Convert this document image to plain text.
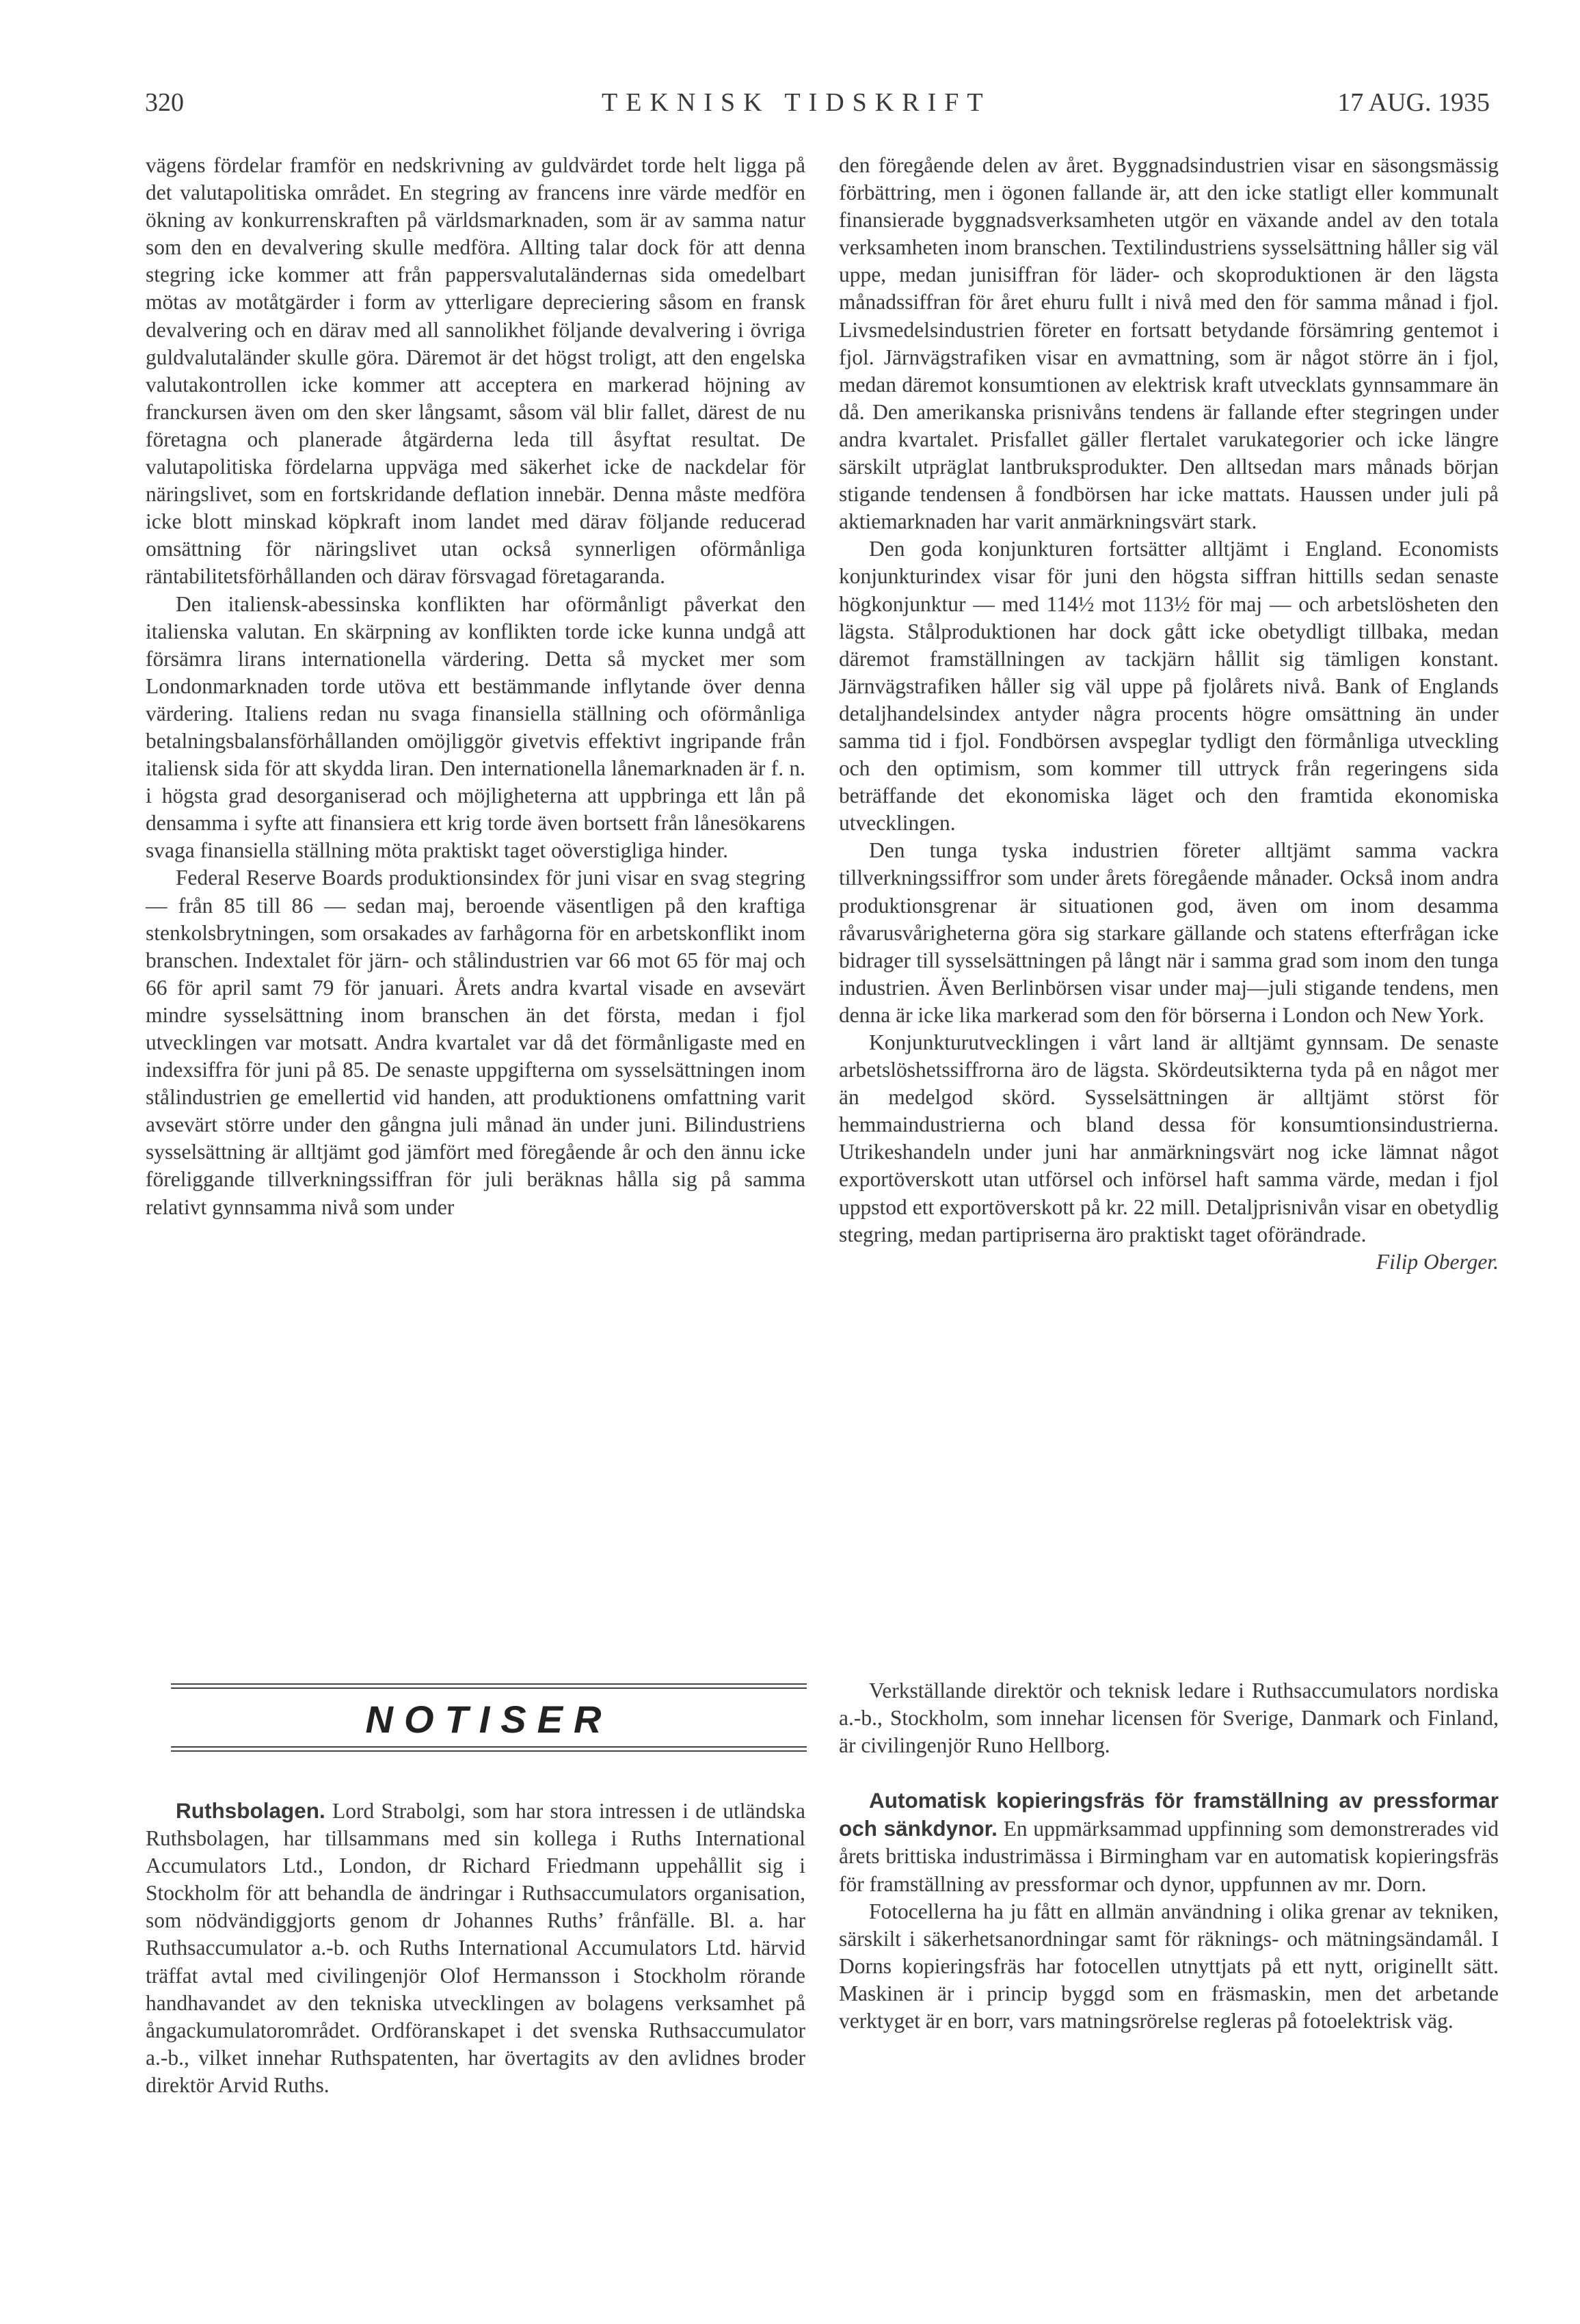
320	TEKNISK TIDSKRIFT	17 AUG. 1935

vägens fördelar framför en nedskrivning av guldvärdet torde helt ligga på det valutapolitiska området. En stegring av francens inre värde medför en ökning av konkurrenskraften på världsmarknaden, som är av samma natur som den en devalvering skulle medföra. Allting talar dock för att denna stegring icke kommer att från pappersvalutaländernas sida omedelbart mötas av motåtgärder i form av ytterligare depreciering såsom en fransk devalvering och en därav med all sannolikhet följande devalvering i övriga guldvalutaländer skulle göra. Däremot är det högst troligt, att den engelska valutakontrollen icke kommer att acceptera en markerad höjning av franckursen även om den sker långsamt, såsom väl blir fallet, därest de nu företagna och planerade åtgärderna leda till åsyftat resultat. De valutapolitiska fördelarna uppväga med säkerhet icke de nackdelar för näringslivet, som en fortskridande deflation innebär. Denna måste medföra icke blott minskad köpkraft inom landet med därav följande reducerad omsättning för näringslivet utan också synnerligen oförmånliga räntabilitetsförhållanden och därav försvagad företagaranda.

Den italiensk-abessinska konflikten har oförmånligt påverkat den italienska valutan. En skärpning av konflikten torde icke kunna undgå att försämra lirans internationella värdering. Detta så mycket mer som Londonmarknaden torde utöva ett bestämmande inflytande över denna värdering. Italiens redan nu svaga finansiella ställning och oförmånliga betalningsbalansförhållanden omöjliggör givetvis effektivt ingripande från italiensk sida för att skydda liran. Den internationella lånemarknaden är f. n. i högsta grad desorganiserad och möjligheterna att uppbringa ett lån på densamma i syfte att finansiera ett krig torde även bortsett från lånesökarens svaga finansiella ställning möta praktiskt taget oöverstigliga hinder.

Federal Reserve Boards produktionsindex för juni visar en svag stegring — från 85 till 86 — sedan maj, beroende väsentligen på den kraftiga stenkolsbrytningen, som orsakades av farhågorna för en arbetskonflikt inom branschen. Indextalet för järn- och stålindustrien var 66 mot 65 för maj och 66 för april samt 79 för januari. Årets andra kvartal visade en avsevärt mindre sysselsättning inom branschen än det första, medan i fjol utvecklingen var motsatt. Andra kvartalet var då det förmånligaste med en indexsiffra för juni på 85. De senaste uppgifterna om sysselsättningen inom stålindustrien ge emellertid vid handen, att produktionens omfattning varit avsevärt större under den gångna juli månad än under juni. Bilindustriens sysselsättning är alltjämt god jämfört med föregående år och den ännu icke föreliggande tillverkningssiffran för juli beräknas hålla sig på samma relativt gynnsamma nivå som under

den föregående delen av året. Byggnadsindustrien visar en säsongsmässig förbättring, men i ögonen fallande är, att den icke statligt eller kommunalt finansierade byggnadsverksamheten utgör en växande andel av den totala verksamheten inom branschen. Textilindustriens sysselsättning håller sig väl uppe, medan junisiffran för läder- och skoproduktionen är den lägsta månadssiffran för året ehuru fullt i nivå med den för samma månad i fjol. Livsmedelsindustrien företer en fortsatt betydande försämring gentemot i fjol. Järnvägstrafiken visar en avmattning, som är något större än i fjol, medan däremot konsumtionen av elektrisk kraft utvecklats gynnsammare än då. Den amerikanska prisnivåns tendens är fallande efter stegringen under andra kvartalet. Prisfallet gäller flertalet varukategorier och icke längre särskilt utpräglat lantbruksprodukter. Den alltsedan mars månads början stigande tendensen å fondbörsen har icke mattats. Haussen under juli på aktiemarknaden har varit anmärkningsvärt stark.

Den goda konjunkturen fortsätter alltjämt i England. Economists konjunkturindex visar för juni den högsta siffran hittills sedan senaste högkonjunktur — med 114½ mot 113½ för maj — och arbetslösheten den lägsta. Stålproduktionen har dock gått icke obetydligt tillbaka, medan däremot framställningen av tackjärn hållit sig tämligen konstant. Järnvägstrafiken håller sig väl uppe på fjolårets nivå. Bank of Englands detaljhandelsindex antyder några procents högre omsättning än under samma tid i fjol. Fondbörsen avspeglar tydligt den förmånliga utveckling och den optimism, som kommer till uttryck från regeringens sida beträffande det ekonomiska läget och den framtida ekonomiska utvecklingen.

Den tunga tyska industrien företer alltjämt samma vackra tillverkningssiffror som under årets föregående månader. Också inom andra produktionsgrenar är situationen god, även om inom desamma råvarusvårigheterna göra sig starkare gällande och statens efterfrågan icke bidrager till sysselsättningen på långt när i samma grad som inom den tunga industrien. Även Berlinbörsen visar under maj—juli stigande tendens, men denna är icke lika markerad som den för börserna i London och New York.

Konjunkturutvecklingen i vårt land är alltjämt gynnsam. De senaste arbetslöshetssiffrorna äro de lägsta. Skördeutsikterna tyda på en något mer än medelgod skörd. Sysselsättningen är alltjämt störst för hemmaindustrierna och bland dessa för konsumtionsindustrierna. Utrikeshandeln under juni har anmärkningsvärt nog icke lämnat något exportöverskott utan utförsel och införsel haft samma värde, medan i fjol uppstod ett exportöverskott på kr. 22 mill. Detaljprisnivån visar en obetydlig stegring, medan partipriserna äro praktiskt taget oförändrade.
Filip Oberger.

NOTISER

Ruthsbolagen. Lord Strabolgi, som har stora intressen i de utländska Ruthsbolagen, har tillsammans med sin kollega i Ruths International Accumulators Ltd., London, dr Richard Friedmann uppehållit sig i Stockholm för att behandla de ändringar i Ruthsaccumulators organisation, som nödvändiggjorts genom dr Johannes Ruths’ frånfälle. Bl. a. har Ruthsaccumulator a.-b. och Ruths International Accumulators Ltd. härvid träffat avtal med civilingenjör Olof Hermansson i Stockholm rörande handhavandet av den tekniska utvecklingen av bolagens verksamhet på ångackumulatorområdet. Ordföranskapet i det svenska Ruthsaccumulator a.-b., vilket innehar Ruthspatenten, har övertagits av den avlidnes broder direktör Arvid Ruths.

Verkställande direktör och teknisk ledare i Ruthsaccumulators nordiska a.-b., Stockholm, som innehar licensen för Sverige, Danmark och Finland, är civilingenjör Runo Hellborg.

Automatisk kopieringsfräs för framställning av pressformar och sänkdynor. En uppmärksammad uppfinning som demonstrerades vid årets brittiska industrimässa i Birmingham var en automatisk kopieringsfräs för framställning av pressformar och dynor, uppfunnen av mr. Dorn.

Fotocellerna ha ju fått en allmän användning i olika grenar av tekniken, särskilt i säkerhetsanordningar samt för räknings- och mätningsändamål. I Dorns kopieringsfräs har fotocellen utnyttjats på ett nytt, originellt sätt. Maskinen är i princip byggd som en fräsmaskin, men det arbetande verktyget är en borr, vars matningsrörelse regleras på fotoelektrisk väg.
